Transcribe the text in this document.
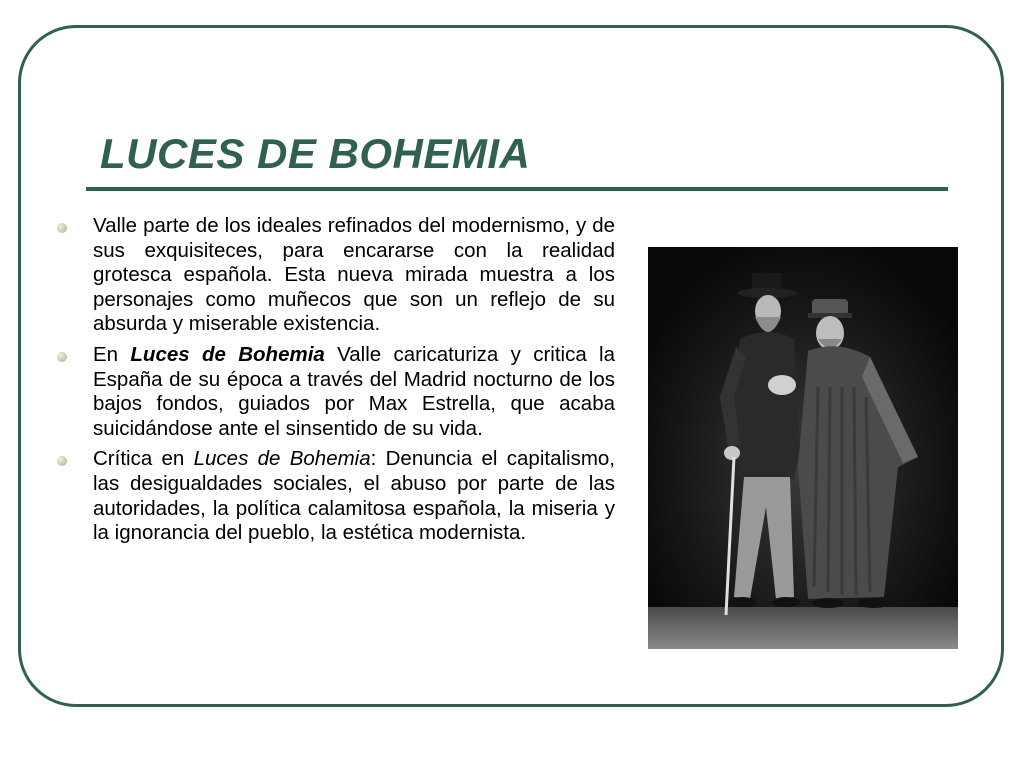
LUCES DE BOHEMIA
Valle parte de los ideales refinados del modernismo, y de sus exquisiteces, para encararse con la realidad grotesca española. Esta nueva mirada muestra a los personajes como muñecos que son un reflejo de su absurda y miserable existencia.
En Luces de Bohemia Valle caricaturiza y critica la España de su época a través del Madrid nocturno de los bajos fondos, guiados por Max Estrella, que acaba suicidándose ante el sinsentido de su vida.
Crítica en Luces de Bohemia: Denuncia el capitalismo, las desigualdades sociales, el abuso por parte de las autoridades, la política calamitosa española, la miseria y la ignorancia del pueblo, la estética modernista.
